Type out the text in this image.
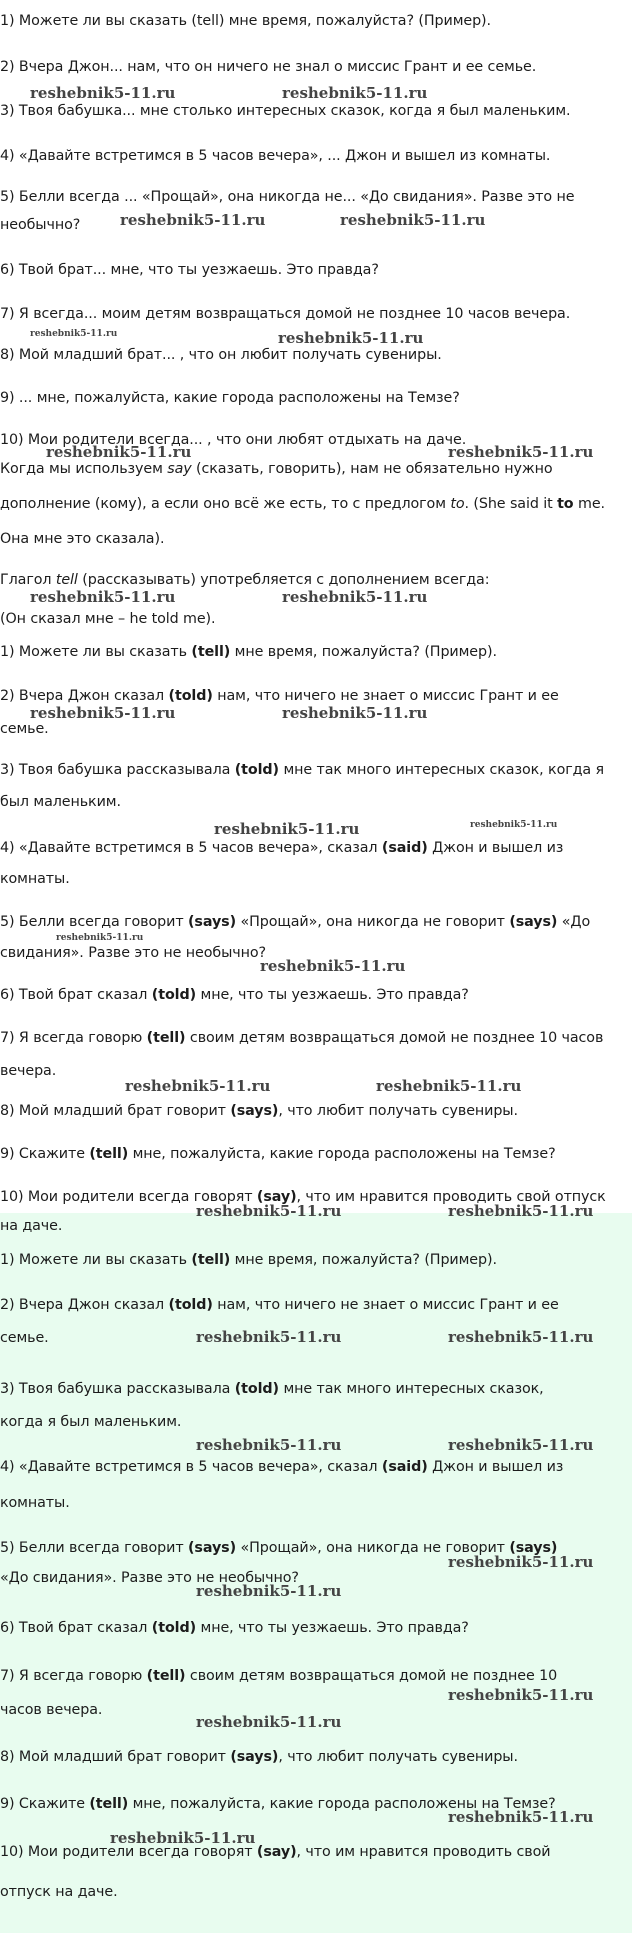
1) Можете ли вы сказать (tell) мне время, пожалуйста? (Пример).
2) Вчера Джон... нам, что он ничего не знал о миссис Грант и ее семье.
3) Твоя бабушка... мне столько интересных сказок, когда я был маленьким.
4) «Давайте встретимся в 5 часов вечера», ... Джон и вышел из комнаты.
5) Белли всегда ... «Прощай», она никогда не... «До свидания». Разве это не
необычно?
6) Твой брат... мне, что ты уезжаешь. Это правда?
7) Я всегда... моим детям возвращаться домой не позднее 10 часов вечера.
8) Мой младший брат... , что он любит получать сувениры.
9) ... мне, пожалуйста, какие города расположены на Темзе?
10) Мои родители всегда... , что они любят отдыхать на даче.
Когда мы используем say (сказать, говорить), нам не обязательно нужно
дополнение (кому), а если оно всё же есть, то с предлогом to. (She said it to me.
Она мне это сказала).
Глагол tell (рассказывать) употребляется с дополнением всегда:
(Он сказал мне – he told me).
1) Можете ли вы сказать (tell) мне время, пожалуйста? (Пример).
2) Вчера Джон сказал (told) нам, что ничего не знает о миссис Грант и ее
семье.
3) Твоя бабушка рассказывала (told) мне так много интересных сказок, когда я
был маленьким.
4) «Давайте встретимся в 5 часов вечера», сказал (said) Джон и вышел из
комнаты.
5) Белли всегда говорит (says) «Прощай», она никогда не говорит (says) «До
свидания». Разве это не необычно?
6) Твой брат сказал (told) мне, что ты уезжаешь. Это правда?
7) Я всегда говорю (tell) своим детям возвращаться домой не позднее 10 часов
вечера.
8) Мой младший брат говорит (says), что любит получать сувениры.
9) Скажите (tell) мне, пожалуйста, какие города расположены на Темзе?
10) Мои родители всегда говорят (say), что им нравится проводить свой отпуск
на даче.
1) Можете ли вы сказать (tell) мне время, пожалуйста? (Пример).
2) Вчера Джон сказал (told) нам, что ничего не знает о миссис Грант и ее
семье.
3) Твоя бабушка рассказывала (told) мне так много интересных сказок,
когда я был маленьким.
4) «Давайте встретимся в 5 часов вечера», сказал (said) Джон и вышел из
комнаты.
5) Белли всегда говорит (says) «Прощай», она никогда не говорит (says)
«До свидания». Разве это не необычно?
6) Твой брат сказал (told) мне, что ты уезжаешь. Это правда?
7) Я всегда говорю (tell) своим детям возвращаться домой не позднее 10
часов вечера.
8) Мой младший брат говорит (says), что любит получать сувениры.
9) Скажите (tell) мне, пожалуйста, какие города расположены на Темзе?
10) Мои родители всегда говорят (say), что им нравится проводить свой
отпуск на даче.
reshebnik5-11.ru	reshebnik5-11.ru
reshebnik5-11.ru	reshebnik5-11.ru
reshebnik5-11.ru	reshebnik5-11.ru
reshebnik5-11.ru	reshebnik5-11.ru
reshebnik5-11.ru	reshebnik5-11.ru
reshebnik5-11.ru	reshebnik5-11.ru
reshebnik5-11.ru	reshebnik5-11.ru
reshebnik5-11.ru
reshebnik5-11.ru
reshebnik5-11.ru	reshebnik5-11.ru
reshebnik5-11.ru	reshebnik5-11.ru
reshebnik5-11.ru	reshebnik5-11.ru
reshebnik5-11.ru	reshebnik5-11.ru
reshebnik5-11.ru
reshebnik5-11.ru
reshebnik5-11.ru
reshebnik5-11.ru
reshebnik5-11.ru
reshebnik5-11.ru
